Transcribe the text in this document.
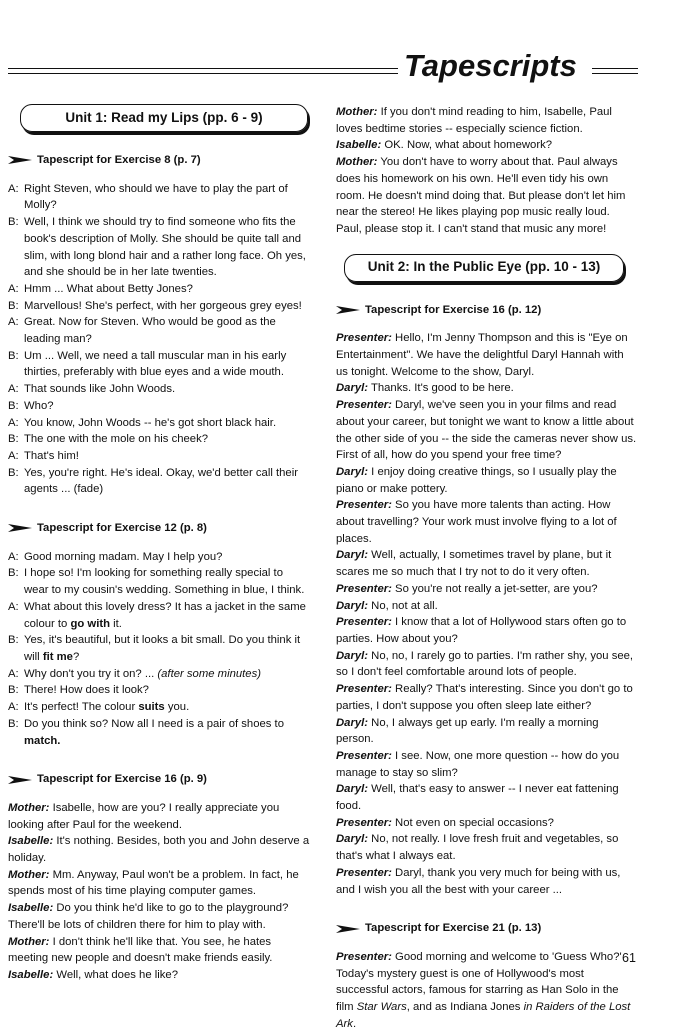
Tapescripts
Unit 1: Read my Lips (pp. 6 - 9)
Tapescript for Exercise 8 (p. 7)
A: Right Steven, who should we have to play the part of Molly?
B: Well, I think we should try to find someone who fits the book's description of Molly. She should be quite tall and slim, with long blond hair and a rather long face. Oh yes, and she should be in her late twenties.
A: Hmm ... What about Betty Jones?
B: Marvellous! She's perfect, with her gorgeous grey eyes!
A: Great. Now for Steven. Who would be good as the leading man?
B: Um ... Well, we need a tall muscular man in his early thirties, preferably with blue eyes and a wide mouth.
A: That sounds like John Woods.
B: Who?
A: You know, John Woods -- he's got short black hair.
B: The one with the mole on his cheek?
A: That's him!
B: Yes, you're right. He's ideal. Okay, we'd better call their agents ... (fade)
Tapescript for Exercise 12 (p. 8)
A: Good morning madam. May I help you?
B: I hope so! I'm looking for something really special to wear to my cousin's wedding. Something in blue, I think.
A: What about this lovely dress? It has a jacket in the same colour to go with it.
B: Yes, it's beautiful, but it looks a bit small. Do you think it will fit me?
A: Why don't you try it on? ... (after some minutes)
B: There! How does it look?
A: It's perfect! The colour suits you.
B: Do you think so? Now all I need is a pair of shoes to match.
Tapescript for Exercise 16 (p. 9)

Mother: Isabelle, how are you? I really appreciate you looking after Paul for the weekend.

Isabelle: It's nothing. Besides, both you and John deserve a holiday.

Mother: Mm. Anyway, Paul won't be a problem. In fact, he spends most of his time playing computer games.

Isabelle: Do you think he'd like to go to the playground? There'll be lots of children there for him to play with.

Mother: I don't think he'll like that. You see, he hates meeting new people and doesn't make friends easily.

Isabelle: Well, what does he like?

Mother: If you don't mind reading to him, Isabelle, Paul loves bedtime stories -- especially science fiction.

Isabelle: OK. Now, what about homework?

Mother: You don't have to worry about that. Paul always does his homework on his own. He'll even tidy his own room. He doesn't mind doing that. But please don't let him near the stereo! He likes playing pop music really loud. Paul, please stop it. I can't stand that music any more!

Unit 2: In the Public Eye (pp. 10 - 13)
Tapescript for Exercise 16 (p. 12)

Presenter: Hello, I'm Jenny Thompson and this is "Eye on Entertainment". We have the delightful Daryl Hannah with us tonight. Welcome to the show, Daryl.

Daryl: Thanks. It's good to be here.

Presenter: Daryl, we've seen you in your films and read about your career, but tonight we want to know a little about the other side of you -- the side the cameras never show us. First of all, how do you spend your free time?

Daryl: I enjoy doing creative things, so I usually play the piano or make pottery.

Presenter: So you have more talents than acting. How about travelling? Your work must involve flying to a lot of places.

Daryl: Well, actually, I sometimes travel by plane, but it scares me so much that I try not to do it very often.

Presenter: So you're not really a jet-setter, are you?

Daryl: No, not at all.

Presenter: I know that a lot of Hollywood stars often go to parties. How about you?

Daryl: No, no, I rarely go to parties. I'm rather shy, you see, so I don't feel comfortable around lots of people.

Presenter: Really? That's interesting. Since you don't go to parties, I don't suppose you often sleep late either?

Daryl: No, I always get up early. I'm really a morning person.

Presenter: I see. Now, one more question -- how do you manage to stay so slim?

Daryl: Well, that's easy to answer -- I never eat fattening food.

Presenter: Not even on special occasions?

Daryl: No, not really. I love fresh fruit and vegetables, so that's what I always eat.

Presenter: Daryl, thank you very much for being with us, and I wish you all the best with your career ...

Tapescript for Exercise 21 (p. 13)

Presenter: Good morning and welcome to 'Guess Who?' Today's mystery guest is one of Hollywood's most successful actors, famous for starring as Han Solo in the film Star Wars, and as Indiana Jones in Raiders of the Lost Ark.

61
